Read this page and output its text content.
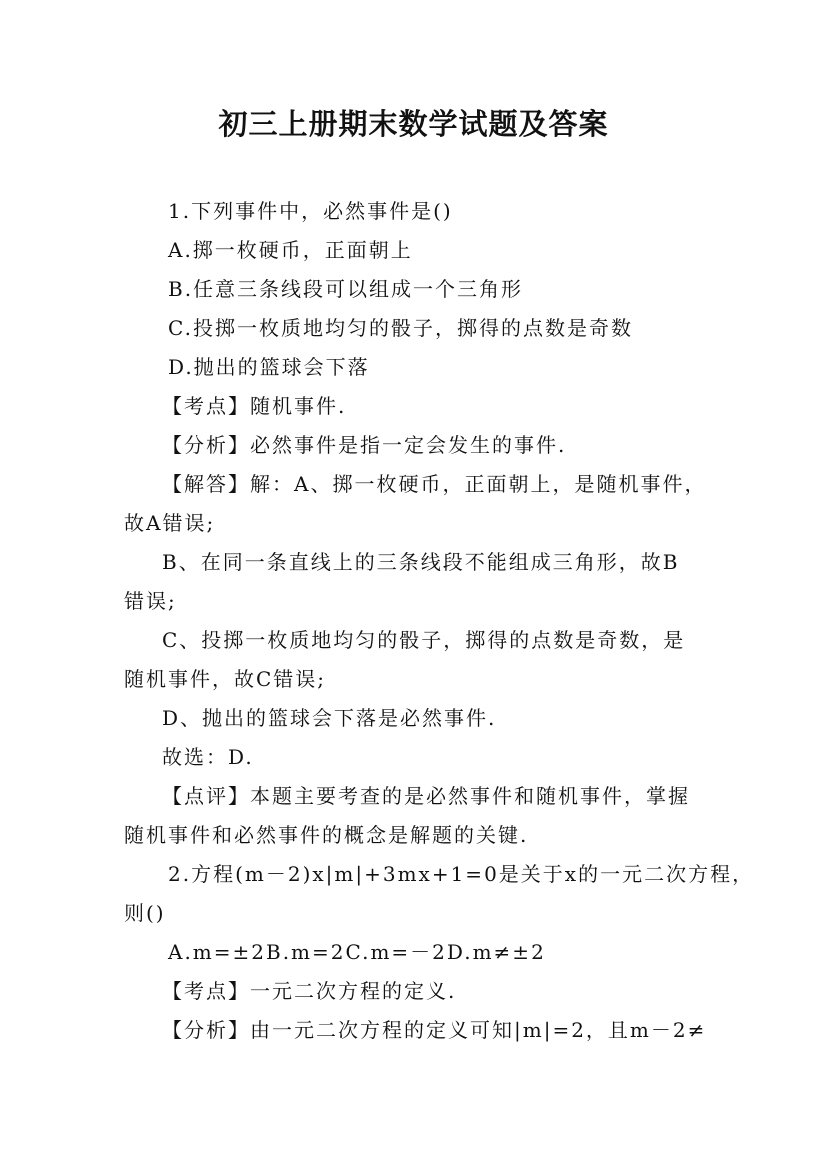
初三上册期末数学试题及答案
1.下列事件中，必然事件是()
A.掷一枚硬币，正面朝上
B.任意三条线段可以组成一个三角形
C.投掷一枚质地均匀的骰子，掷得的点数是奇数
D.抛出的篮球会下落
【考点】随机事件.
【分析】必然事件是指一定会发生的事件.
【解答】解：A、掷一枚硬币，正面朝上，是随机事件，
故A错误;
B、在同一条直线上的三条线段不能组成三角形，故B
错误;
C、投掷一枚质地均匀的骰子，掷得的点数是奇数，是
随机事件，故C错误;
D、抛出的篮球会下落是必然事件.
故选：D.
【点评】本题主要考查的是必然事件和随机事件，掌握
随机事件和必然事件的概念是解题的关键.
2.方程(m－2)x|m|+3mx+1=0是关于x的一元二次方程，
则()
A.m=±2B.m=2C.m=－2D.m≠±2
【考点】一元二次方程的定义.
【分析】由一元二次方程的定义可知|m|=2，且m－2≠
